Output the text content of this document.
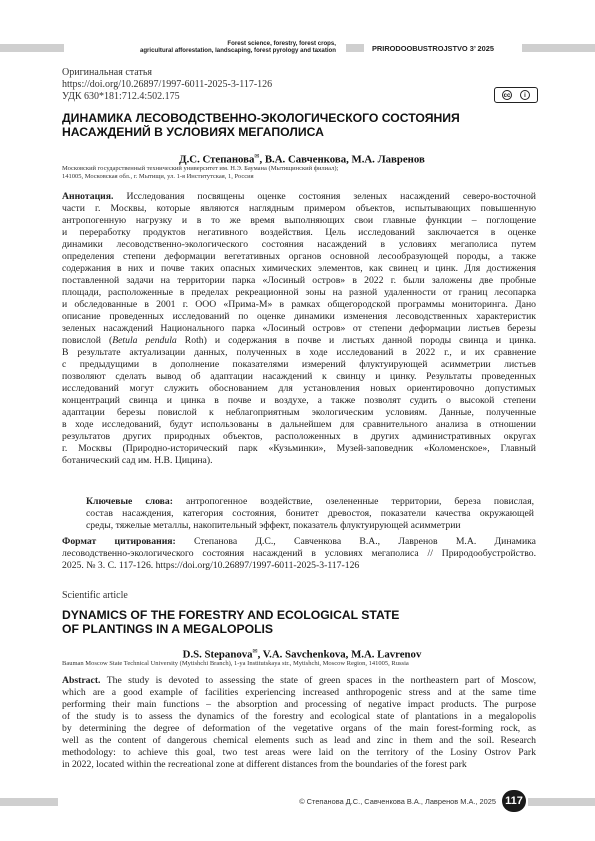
Forest science, forestry, forest crops,
agricultural afforestation, landscaping, forest pyrology and taxation	PRIRODOOBUSTROJSTVO 3’ 2025
Оригинальная статья
https://doi.org/10.26897/1997-6011-2025-3-117-126
УДК 630*181:712.4:502.175	cc	i
ДИНАМИКА ЛЕСОВОДСТВЕННО-ЭКОЛОГИЧЕСКОГО СОСТОЯНИЯ
НАСАЖДЕНИЙ В УСЛОВИЯХ МЕГАПОЛИСА
Д.С. Степанова✉, В.А. Савченкова, М.А. Лавренов
Московский государственный технический университет им. Н.Э. Баумана (Мытищинский филиал);
141005, Московская обл., г. Мытищи, ул. 1-я Институтская, 1, Россия
Аннотация. Исследования посвящены оценке состояния зеленых насаждений северо-восточной
части г. Москвы, которые являются наглядным примером объектов, испытывающих повышенную
антропогенную нагрузку и в то же время выполняющих свои главные функции – поглощение
и переработку продуктов негативного воздействия. Цель исследований заключается в оценке
динамики лесоводственно-экологического состояния насаждений в условиях мегаполиса путем
определения степени деформации вегетативных органов основной лесообразующей породы, а также
содержания в них и почве таких опасных химических элементов, как свинец и цинк. Для достижения
поставленной задачи на территории парка «Лосиный остров» в 2022 г. были заложены две пробные
площади, расположенные в пределах рекреационной зоны на разной удаленности от границ лесопарка
и обследованные в 2001 г. ООО «Прима-М» в рамках общегородской программы мониторинга. Дано
описание проведенных исследований по оценке динамики изменения лесоводственных характеристик
зеленых насаждений Национального парка «Лосиный остров» от степени деформации листьев березы
повислой (Betula pendula Roth) и содержания в почве и листьях данной породы свинца и цинка.
В результате актуализации данных, полученных в ходе исследований в 2022 г., и их сравнение
с предыдущими в дополнение показателями измерений флуктуирующей асимметрии листьев
позволяют сделать вывод об адаптации насаждений к свинцу и цинку. Результаты проведенных
исследований могут служить обоснованием для установления новых ориентировочно допустимых
концентраций свинца и цинка в почве и воздухе, а также позволят судить о высокой степени
адаптации березы повислой к неблагоприятным экологическим условиям. Данные, полученные
в ходе исследований, будут использованы в дальнейшем для сравнительного анализа в отношении
результатов других природных объектов, расположенных в других административных округах
г. Москвы (Природно-исторический парк «Кузьминки», Музей-заповедник «Коломенское», Главный
ботанический сад им. Н.В. Цицина).
Ключевые слова: антропогенное воздействие, озелененные территории, береза повислая,
состав насаждения, категория состояния, бонитет древостоя, показатели качества окружающей
среды, тяжелые металлы, накопительный эффект, показатель флуктуирующей асимметрии
Формат цитирования: Степанова Д.С., Савченкова В.А., Лавренов М.А. Динамика
лесоводственно-экологического состояния насаждений в условиях мегаполиса // Природообустройство.
2025. № 3. С. 117-126. https://doi.org/10.26897/1997-6011-2025-3-117-126
Scientific article
DYNAMICS OF THE FORESTRY AND ECOLOGICAL STATE
OF PLANTINGS IN A MEGALOPOLIS
D.S. Stepanova✉, V.A. Savchenkova, M.A. Lavrenov
Bauman Moscow State Technical University (Mytishchi Branch), 1-ya Institutskaya str., Mytishchi, Moscow Region, 141005, Russia
Abstract. The study is devoted to assessing the state of green spaces in the northeastern part of Moscow,
which are a good example of facilities experiencing increased anthropogenic stress and at the same time
performing their main functions – the absorption and processing of negative impact products. The purpose
of the study is to assess the dynamics of the forestry and ecological state of plantations in a megalopolis
by determining the degree of deformation of the vegetative organs of the main forest-forming rock, as
well as the content of dangerous chemical elements such as lead and zinc in them and the soil. Research
methodology: to achieve this goal, two test areas were laid on the territory of the Losiny Ostrov Park
in 2022, located within the recreational zone at different distances from the boundaries of the forest park
© Степанова Д.С., Савченкова В.А., Лавренов М.А., 2025 117
